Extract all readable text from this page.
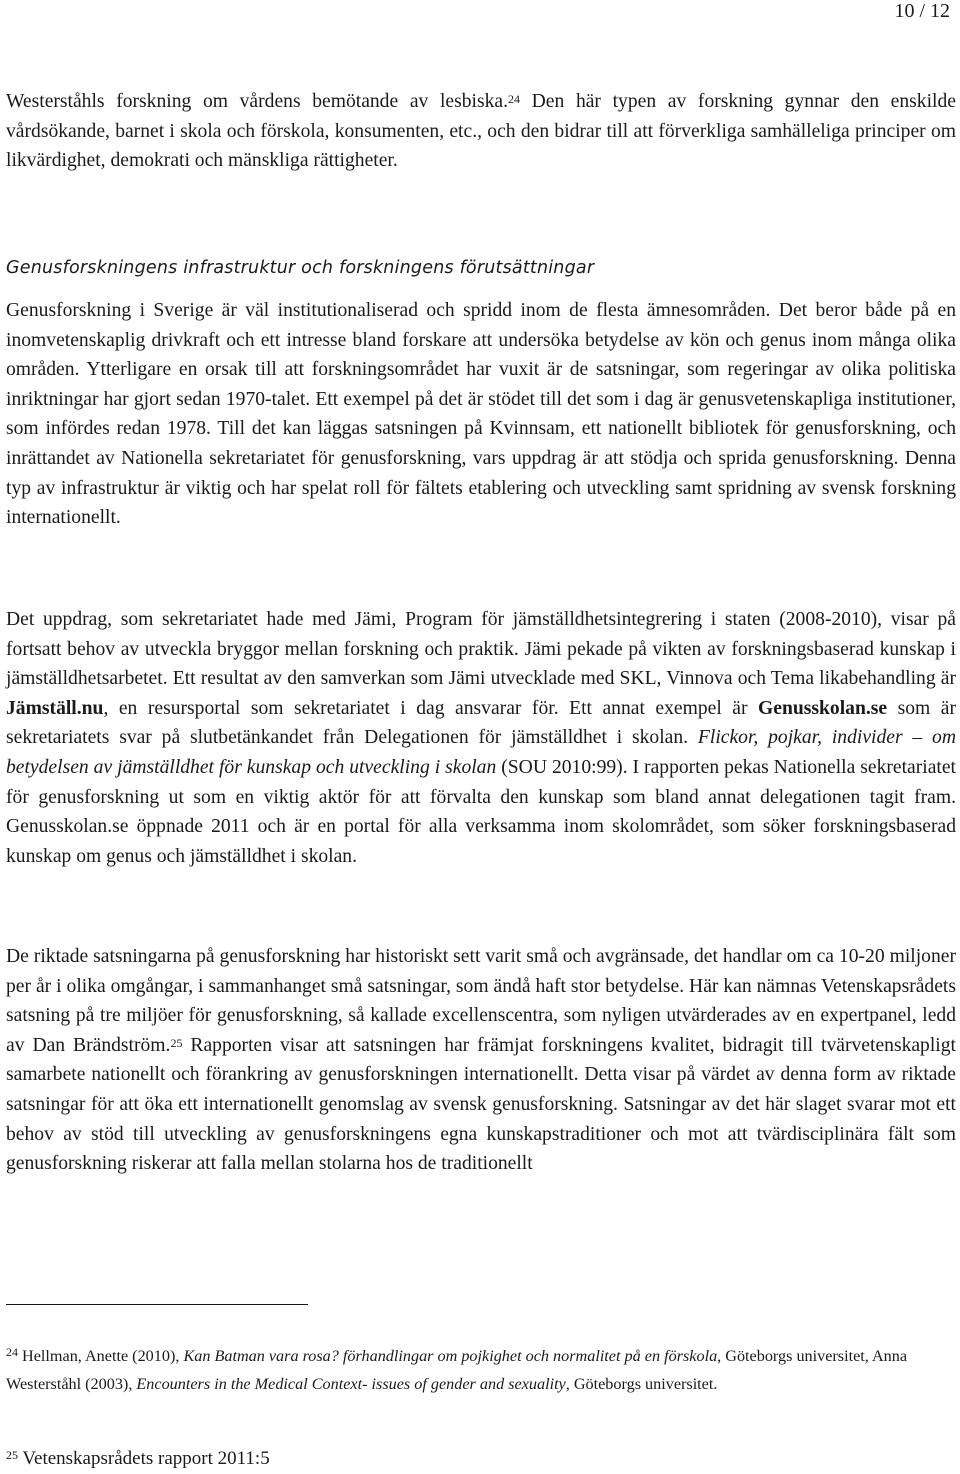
10 / 12

Westerståhls forskning om vårdens bemötande av lesbiska.$^{24}$ Den här typen av forskning gynnar den enskilde vårdsökande, barnet i skola och förskola, konsumenten, etc., och den bidrar till att förverkliga samhälleliga principer om likvärdighet, demokrati och mänskliga rättigheter.

Genusforskningens infrastruktur och forskningens förutsättningar

Genusforskning i Sverige är väl institutionaliserad och spridd inom de flesta ämnesområden. Det beror både på en inomvetenskaplig drivkraft och ett intresse bland forskare att undersöka betydelse av kön och genus inom många olika områden. Ytterligare en orsak till att forskningsområdet har vuxit är de satsningar, som regeringar av olika politiska inriktningar har gjort sedan 1970-talet. Ett exempel på det är stödet till det som i dag är genusvetenskapliga institutioner, som infördes redan 1978. Till det kan läggas satsningen på Kvinnsam, ett nationellt bibliotek för genusforskning, och inrättandet av Nationella sekretariatet för genusforskning, vars uppdrag är att stödja och sprida genusforskning. Denna typ av infrastruktur är viktig och har spelat roll för fältets etablering och utveckling samt spridning av svensk forskning internationellt.

Det uppdrag, som sekretariatet hade med Jämi, Program för jämställdhetsintegrering i staten (2008-2010), visar på fortsatt behov av utveckla bryggor mellan forskning och praktik. Jämi pekade på vikten av forskningsbaserad kunskap i jämställdhetsarbetet. Ett resultat av den samverkan som Jämi utvecklade med SKL, Vinnova och Tema likabehandling är Jämställ.nu, en resursportal som sekretariatet i dag ansvarar för. Ett annat exempel är Genusskolan.se som är sekretariatets svar på slutbetänkandet från Delegationen för jämställdhet i skolan. Flickor, pojkar, individer – om betydelsen av jämställdhet för kunskap och utveckling i skolan (SOU 2010:99). I rapporten pekas Nationella sekretariatet för genusforskning ut som en viktig aktör för att förvalta den kunskap som bland annat delegationen tagit fram. Genusskolan.se öppnade 2011 och är en portal för alla verksamma inom skolområdet, som söker forskningsbaserad kunskap om genus och jämställdhet i skolan.

De riktade satsningarna på genusforskning har historiskt sett varit små och avgränsade, det handlar om ca 10-20 miljoner per år i olika omgångar, i sammanhanget små satsningar, som ändå haft stor betydelse. Här kan nämnas Vetenskapsrådets satsning på tre miljöer för genusforskning, så kallade excellenscentra, som nyligen utvärderades av en expertpanel, ledd av Dan Brändström.$^{25}$ Rapporten visar att satsningen har främjat forskningens kvalitet, bidragit till tvärvetenskapligt samarbete nationellt och förankring av genusforskningen internationellt. Detta visar på värdet av denna form av riktade satsningar för att öka ett internationellt genomslag av svensk genusforskning. Satsningar av det här slaget svarar mot ett behov av stöd till utveckling av genusforskningens egna kunskapstraditioner och mot att tvärdisciplinära fält som genusforskning riskerar att falla mellan stolarna hos de traditionellt

$^{24}$ Hellman, Anette (2010), Kan Batman vara rosa? förhandlingar om pojkighet och normalitet på en förskola, Göteborgs universitet, Anna Westerståhl (2003), Encounters in the Medical Context- issues of gender and sexuality, Göteborgs universitet.

$^{25}$ Vetenskapsrådets rapport 2011:5
